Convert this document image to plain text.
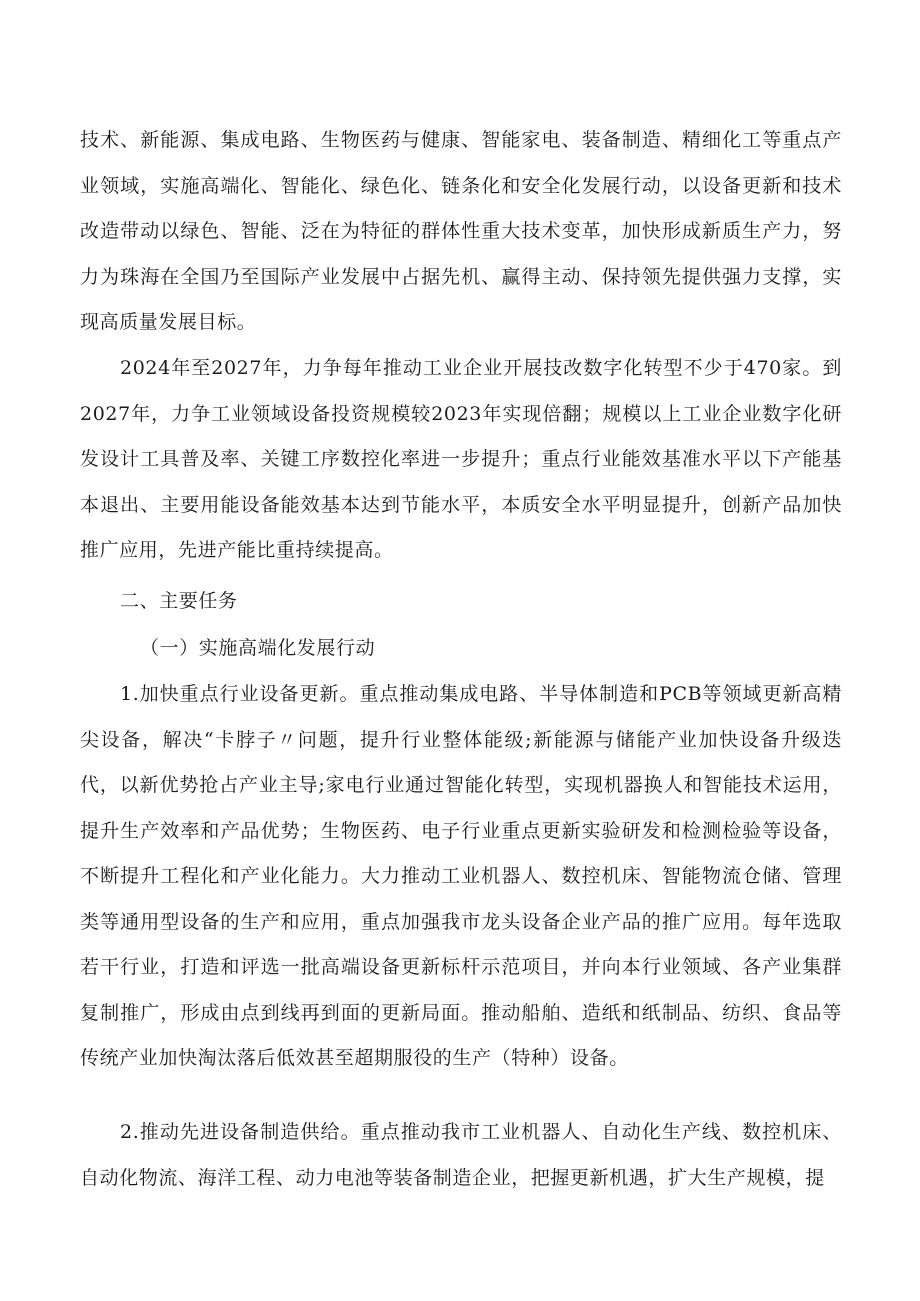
技术、新能源、集成电路、生物医药与健康、智能家电、装备制造、精细化工等重点产业领域，实施高端化、智能化、绿色化、链条化和安全化发展行动，以设备更新和技术改造带动以绿色、智能、泛在为特征的群体性重大技术变革，加快形成新质生产力，努力为珠海在全国乃至国际产业发展中占据先机、赢得主动、保持领先提供强力支撑，实现高质量发展目标。

2024年至2027年，力争每年推动工业企业开展技改数字化转型不少于470家。到2027年，力争工业领域设备投资规模较2023年实现倍翻；规模以上工业企业数字化研发设计工具普及率、关键工序数控化率进一步提升；重点行业能效基准水平以下产能基本退出、主要用能设备能效基本达到节能水平，本质安全水平明显提升，创新产品加快推广应用，先进产能比重持续提高。

二、主要任务

（一）实施高端化发展行动

1.加快重点行业设备更新。重点推动集成电路、半导体制造和PCB等领域更新高精尖设备，解决“卡脖子〃问题，提升行业整体能级;新能源与储能产业加快设备升级迭代，以新优势抢占产业主导;家电行业通过智能化转型，实现机器换人和智能技术运用，提升生产效率和产品优势；生物医药、电子行业重点更新实验研发和检测检验等设备，不断提升工程化和产业化能力。大力推动工业机器人、数控机床、智能物流仓储、管理类等通用型设备的生产和应用，重点加强我市龙头设备企业产品的推广应用。每年选取若干行业，打造和评选一批高端设备更新标杆示范项目，并向本行业领域、各产业集群复制推广，形成由点到线再到面的更新局面。推动船舶、造纸和纸制品、纺织、食品等传统产业加快淘汰落后低效甚至超期服役的生产（特种）设备。

2.推动先进设备制造供给。重点推动我市工业机器人、自动化生产线、数控机床、自动化物流、海洋工程、动力电池等装备制造企业，把握更新机遇，扩大生产规模，提
